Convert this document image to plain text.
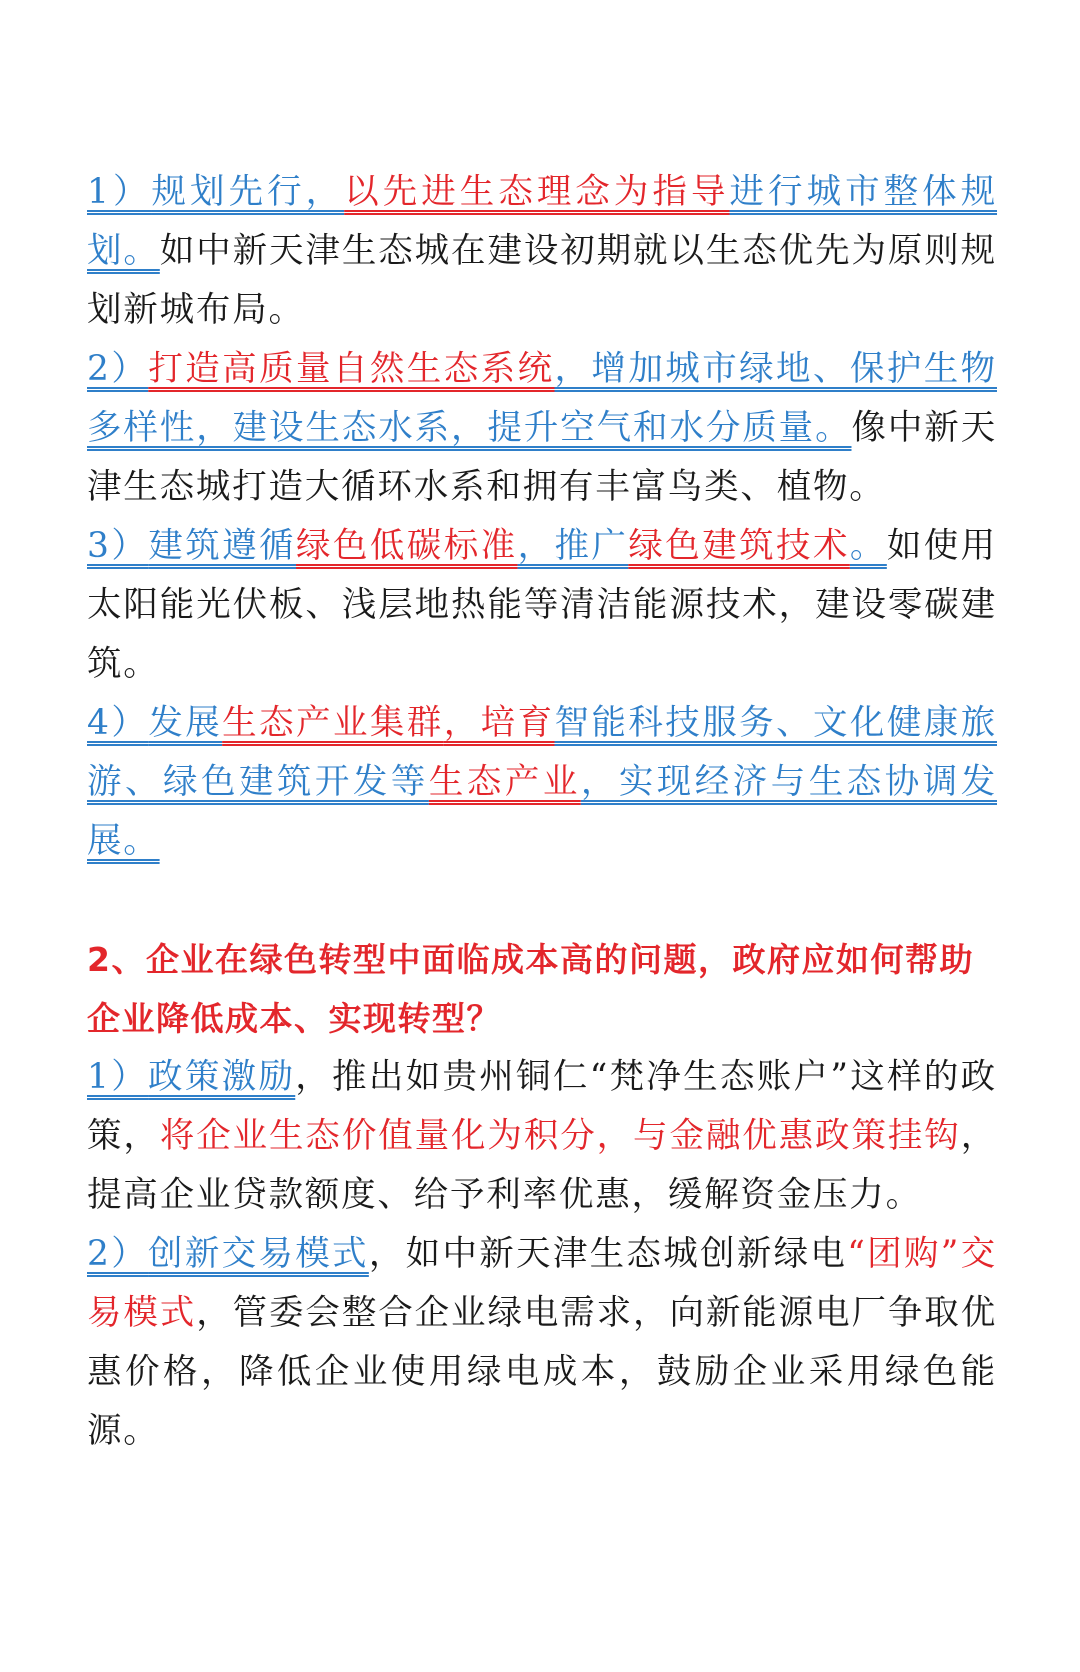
1）规划先行，以先进生态理念为指导进行城市整体规划。如中新天津生态城在建设初期就以生态优先为原则规划新城布局。

2）打造高质量自然生态系统，增加城市绿地、保护生物多样性，建设生态水系，提升空气和水分质量。像中新天津生态城打造大循环水系和拥有丰富鸟类、植物。

3）建筑遵循绿色低碳标准，推广绿色建筑技术。如使用太阳能光伏板、浅层地热能等清洁能源技术，建设零碳建筑。

4）发展生态产业集群，培育智能科技服务、文化健康旅游、绿色建筑开发等生态产业，实现经济与生态协调发展。

2、企业在绿色转型中面临成本高的问题，政府应如何帮助企业降低成本、实现转型？

1）政策激励，推出如贵州铜仁“梵净生态账户”这样的政策，将企业生态价值量化为积分，与金融优惠政策挂钩，提高企业贷款额度、给予利率优惠，缓解资金压力。

2）创新交易模式，如中新天津生态城创新绿电“团购”交易模式，管委会整合企业绿电需求，向新能源电厂争取优惠价格，降低企业使用绿电成本，鼓励企业采用绿色能源。
